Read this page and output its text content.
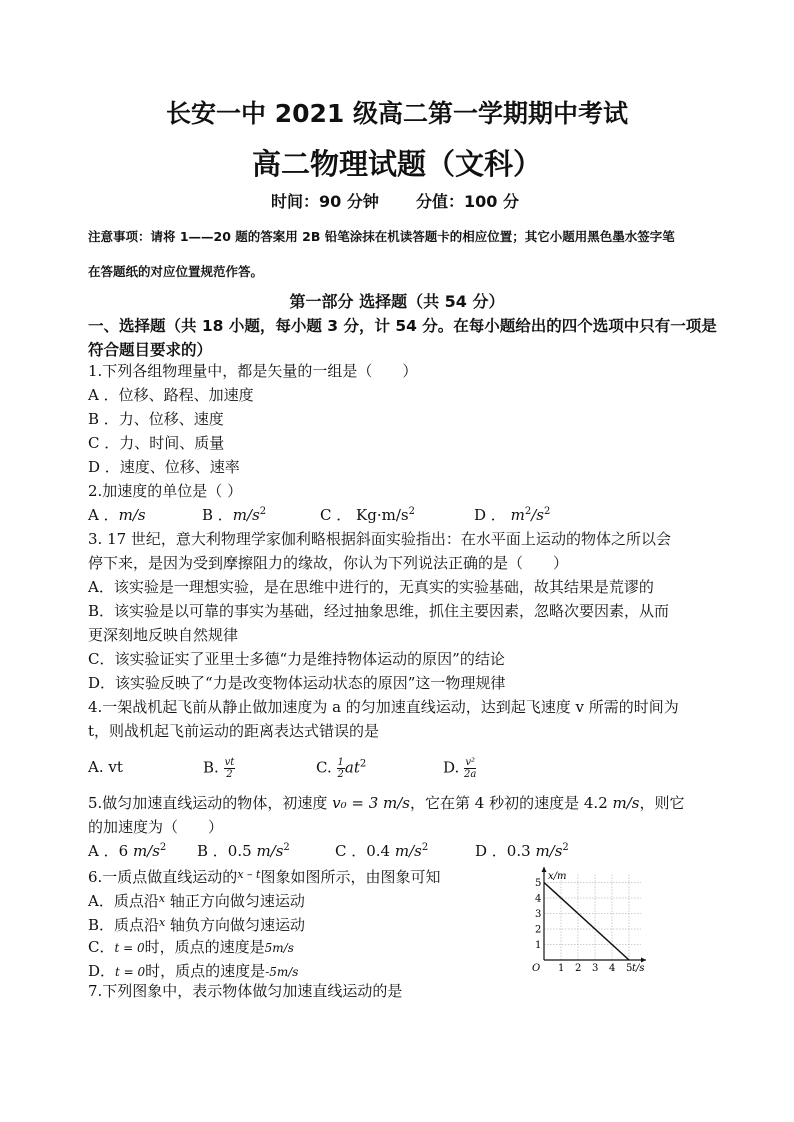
长安一中 2021 级高二第一学期期中考试
高二物理试题（文科）
时间：90 分钟 分值：100 分
注意事项：请将 1——20 题的答案用 2B 铅笔涂抹在机读答题卡的相应位置；其它小题用黑色墨水签字笔
在答题纸的对应位置规范作答。
第一部分 选择题（共 54 分）
一、选择题（共 18 小题，每小题 3 分，计 54 分。在每小题给出的四个选项中只有一项是
符合题目要求的）
1.下列各组物理量中，都是矢量的一组是（　　）
A ．位移、路程、加速度
B ．力、位移、速度
C ．力、时间、质量
D ．速度、位移、速率
2.加速度的单位是（ ）
A ．m/s	B ．$m/s^2$	C ． $Kg\cdot m/s^2$	D ． $m^2/s^2$
3. 17 世纪，意大利物理学家伽利略根据斜面实验指出：在水平面上运动的物体之所以会
停下来，是因为受到摩擦阻力的缘故，你认为下列说法正确的是（　　）
A．该实验是一理想实验，是在思维中进行的，无真实的实验基础，故其结果是荒谬的
B．该实验是以可靠的事实为基础，经过抽象思维，抓住主要因素，忽略次要因素，从而
更深刻地反映自然规律
C．该实验证实了亚里士多德“力是维持物体运动的原因”的结论
D．该实验反映了“力是改变物体运动状态的原因”这一物理规律
4.一架战机起飞前从静止做加速度为 a 的匀加速直线运动，达到起飞速度 v 所需的时间为
t，则战机起飞前运动的距离表达式错误的是
A. vt	B. $\frac{vt}{2}$	C. $\frac{1}{2} at^2$	D. $\frac{\text{v²}}{2a}$
5.做匀加速直线运动的物体，初速度 v₀ = 3 m/s，它在第 4 秒初的速度是 4.2 m/s，则它
的加速度为（　　）
A ．6 $m/s^2$ B ．0.5 $m/s^2$	C ．0.4 $m/s^2$	D ．0.3 $m/s^2$
6.一质点做直线运动的$^{x - t}$图象如图所示，由图象可知
A．质点沿$^x$ 轴正方向做匀速运动
B．质点沿$^x$ 轴负方向做匀速运动
C．t = 0时，质点的速度是5m/s
D．t = 0时，质点的速度是-5m/s	1 2 3 4 5
1
2
3
4
5
x/m
t/s
O
7.下列图象中，表示物体做匀加速直线运动的是
